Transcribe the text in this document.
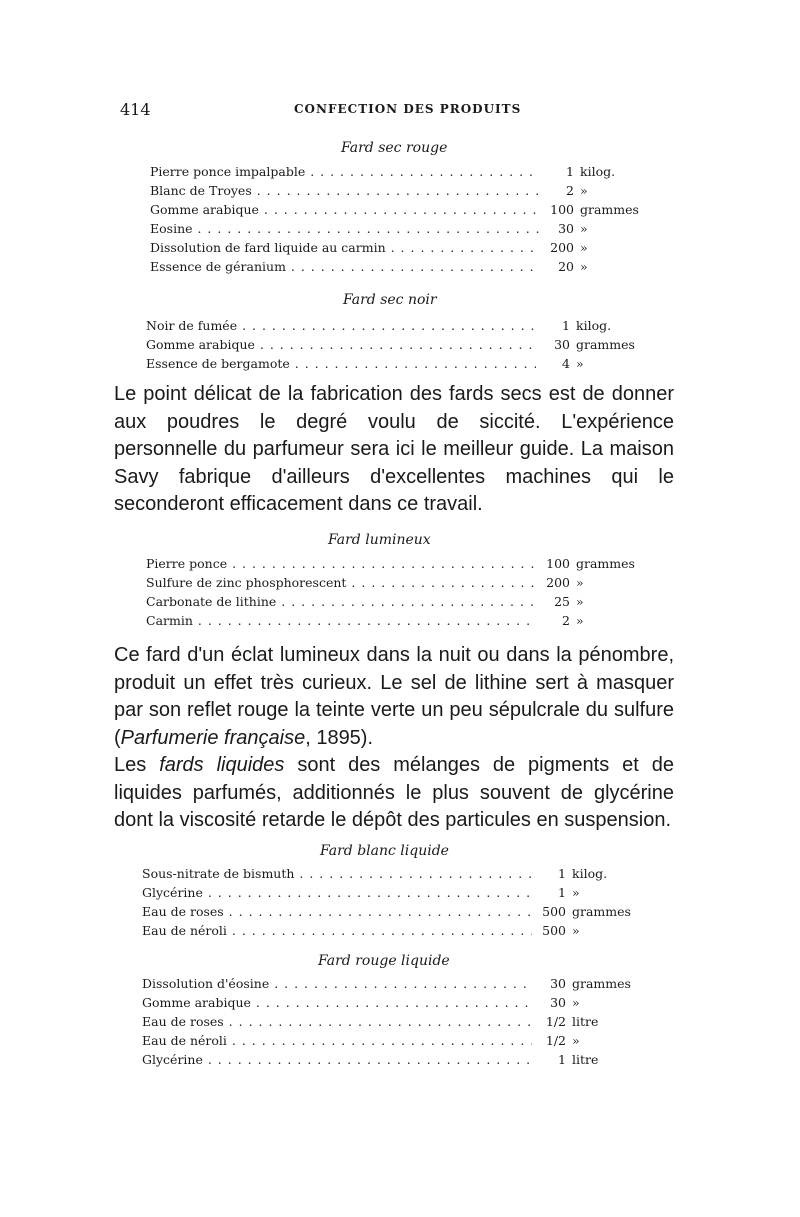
414	CONFECTION DES PRODUITS
Fard sec rouge
Pierre ponce impalpable . . .	1 kilog.
Blanc de Troyes . . .	2 »
Gomme arabique . . .	100 grammes
Eosine . . .	30 »
Dissolution de fard liquide au carmin . . .	200 »
Essence de géranium . . .	20 »
Fard sec noir
Noir de fumée . . .	1 kilog.
Gomme arabique . . .	30 grammes
Essence de bergamote . . .	4 »
Le point délicat de la fabrication des fards secs est de donner aux poudres le degré voulu de siccité. L'expérience personnelle du parfumeur sera ici le meilleur guide. La maison Savy fabrique d'ailleurs d'excellentes machines qui le seconderont efficacement dans ce travail.
Fard lumineux
Pierre ponce . . .	100 grammes
Sulfure de zinc phosphorescent . . .	200 »
Carbonate de lithine . . .	25 »
Carmin . . .	2 »
Ce fard d'un éclat lumineux dans la nuit ou dans la pénombre, produit un effet très curieux. Le sel de lithine sert à masquer par son reflet rouge la teinte verte un peu sépulcrale du sulfure (Parfumerie française, 1895).
Les fards liquides sont des mélanges de pigments et de liquides parfumés, additionnés le plus souvent de glycérine dont la viscosité retarde le dépôt des particules en suspension.
Fard blanc liquide
Sous-nitrate de bismuth . . .	1 kilog.
Glycérine . . .	1 »
Eau de roses . . .	500 grammes
Eau de néroli . . .	500 »
Fard rouge liquide
Dissolution d'éosine . . .	30 grammes
Gomme arabique . . .	30 »
Eau de roses . . .	1/2 litre
Eau de néroli . . .	1/2 »
Glycérine . . .	1 litre
